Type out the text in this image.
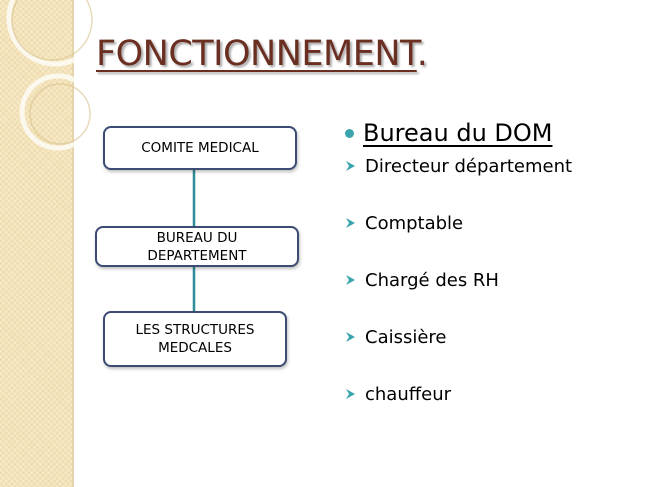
FONCTIONNEMENT.
COMITE MEDICAL
BUREAU DU
DEPARTEMENT
LES STRUCTURES
MEDCALES
Bureau du DOM
Directeur département
Comptable
Chargé des RH
Caissière
chauffeur
